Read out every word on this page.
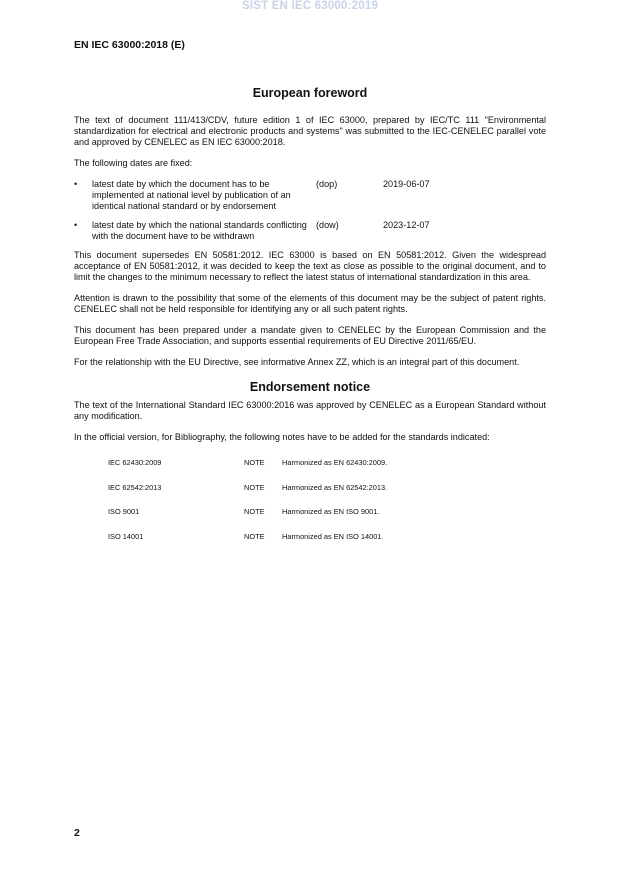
SIST EN IEC 63000:2019
EN IEC 63000:2018 (E)
European foreword

The text of document 111/413/CDV, future edition 1 of IEC 63000, prepared by IEC/TC 111 "Environmental standardization for electrical and electronic products and systems" was submitted to the IEC-CENELEC parallel vote and approved by CENELEC as EN IEC 63000:2018.

The following dates are fixed:

•	latest date by which the document has to be implemented at national level by publication of an identical national standard or by endorsement
(dop)	2019-06-07
•	latest date by which the national standards conflicting with the document have to be withdrawn
(dow)	2023-12-07

This document supersedes EN 50581:2012. IEC 63000 is based on EN 50581:2012. Given the widespread acceptance of EN 50581:2012, it was decided to keep the text as close as possible to the original document, and to limit the changes to the minimum necessary to reflect the latest status of international standardization in this area.

Attention is drawn to the possibility that some of the elements of this document may be the subject of patent rights. CENELEC shall not be held responsible for identifying any or all such patent rights.

This document has been prepared under a mandate given to CENELEC by the European Commission and the European Free Trade Association, and supports essential requirements of EU Directive 2011/65/EU.

For the relationship with the EU Directive, see informative Annex ZZ, which is an integral part of this document.

Endorsement notice

The text of the International Standard IEC 63000:2016 was approved by CENELEC as a European Standard without any modification.

In the official version, for Bibliography, the following notes have to be added for the standards indicated:

IEC 62430:2009	NOTE	Harmonized as EN 62430:2009.
IEC 62542:2013	NOTE	Harmonized as EN 62542:2013.
ISO 9001	NOTE	Harmonized as EN ISO 9001.
ISO 14001	NOTE	Harmonized as EN ISO 14001.
2
